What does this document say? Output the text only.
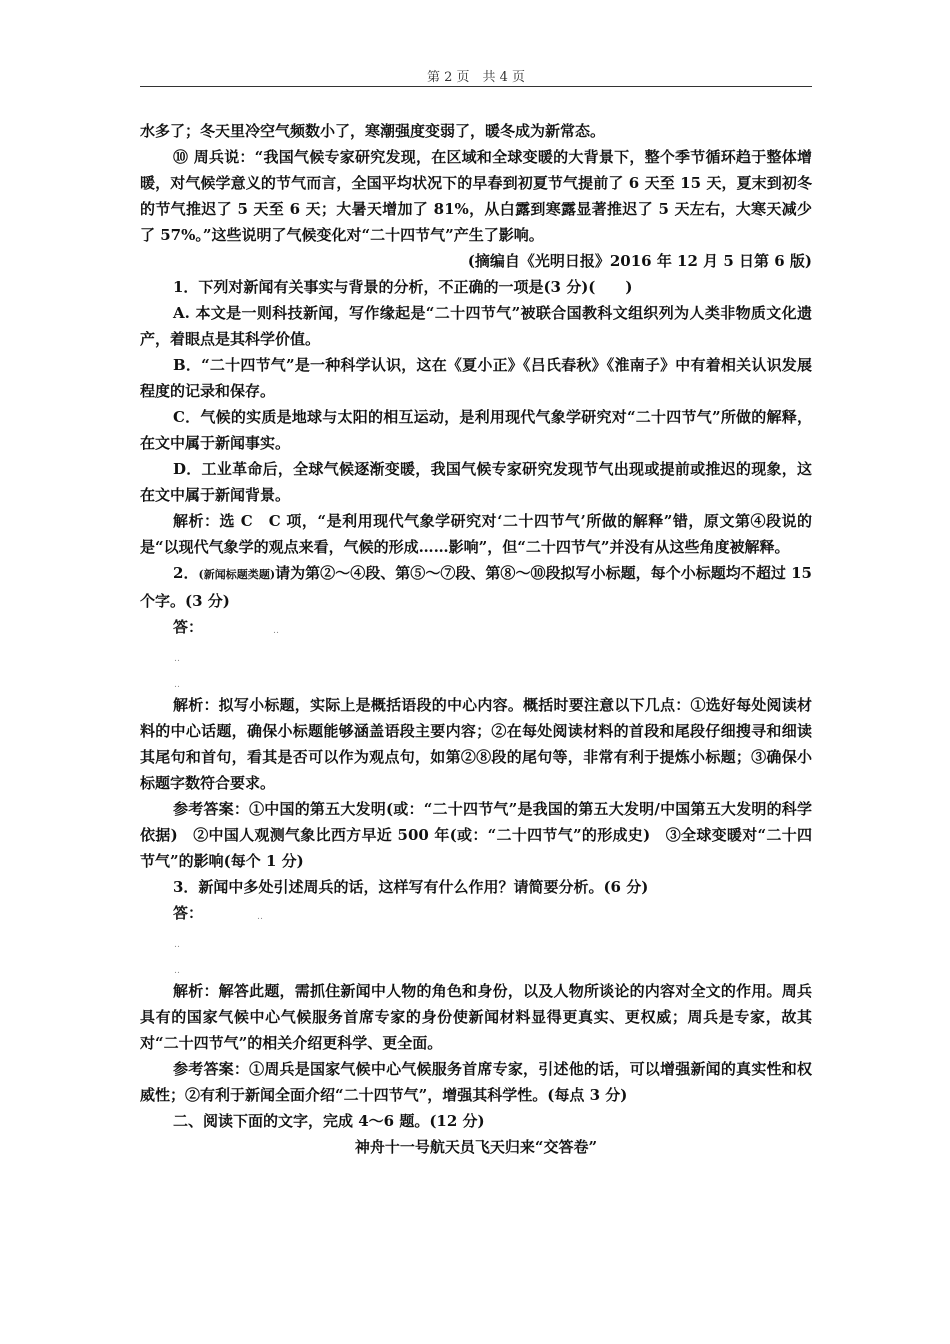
第 2 页　共 4 页

水多了；冬天里冷空气频数小了，寒潮强度变弱了，暖冬成为新常态。

⑩ 周兵说：“我国气候专家研究发现，在区域和全球变暖的大背景下，整个季节循环趋于整体增暖，对气候学意义的节气而言，全国平均状况下的早春到初夏节气提前了 6 天至 15 天，夏末到初冬的节气推迟了 5 天至 6 天；大暑天增加了 81%，从白露到寒露显著推迟了 5 天左右，大寒天减少了 57%。”这些说明了气候变化对“二十四节气”产生了影响。

(摘编自《光明日报》2016 年 12 月 5 日第 6 版)

1．下列对新闻有关事实与背景的分析，不正确的一项是(3 分)(　　)

A. 本文是一则科技新闻，写作缘起是“二十四节气”被联合国教科文组织列为人类非物质文化遗产，着眼点是其科学价值。

B．“二十四节气”是一种科学认识，这在《夏小正》《吕氏春秋》《淮南子》中有着相关认识发展程度的记录和保存。

C．气候的实质是地球与太阳的相互运动，是利用现代气象学研究对“二十四节气”所做的解释，在文中属于新闻事实。

D．工业革命后，全球气候逐渐变暖，我国气候专家研究发现节气出现或提前或推迟的现象，这在文中属于新闻背景。

解析：选 C　C 项，“是利用现代气象学研究对‘二十四节气’所做的解释”错，原文第④段说的是“以现代气象学的观点来看，气候的形成……影响”，但“二十四节气”并没有从这些角度被解释。

2．(新闻标题类题)请为第②～④段、第⑤～⑦段、第⑧～⑩段拟写小标题，每个小标题均不超过 15 个字。(3 分)

答：	‥

‥
‥

解析：拟写小标题，实际上是概括语段的中心内容。概括时要注意以下几点：①选好每处阅读材料的中心话题，确保小标题能够涵盖语段主要内容；②在每处阅读材料的首段和尾段仔细搜寻和细读其尾句和首句，看其是否可以作为观点句，如第②⑧段的尾句等，非常有利于提炼小标题；③确保小标题字数符合要求。

参考答案：①中国的第五大发明(或：“二十四节气”是我国的第五大发明/中国第五大发明的科学依据)　②中国人观测气象比西方早近 500 年(或：“二十四节气”的形成史)　③全球变暖对“二十四节气”的影响(每个 1 分)

3．新闻中多处引述周兵的话，这样写有什么作用？请简要分析。(6 分)

答：	‥

‥
‥

解析：解答此题，需抓住新闻中人物的角色和身份，以及人物所谈论的内容对全文的作用。周兵具有的国家气候中心气候服务首席专家的身份使新闻材料显得更真实、更权威；周兵是专家，故其对“二十四节气”的相关介绍更科学、更全面。

参考答案：①周兵是国家气候中心气候服务首席专家，引述他的话，可以增强新闻的真实性和权威性；②有利于新闻全面介绍“二十四节气”，增强其科学性。(每点 3 分)

二、阅读下面的文字，完成 4～6 题。(12 分)

神舟十一号航天员飞天归来“交答卷”
